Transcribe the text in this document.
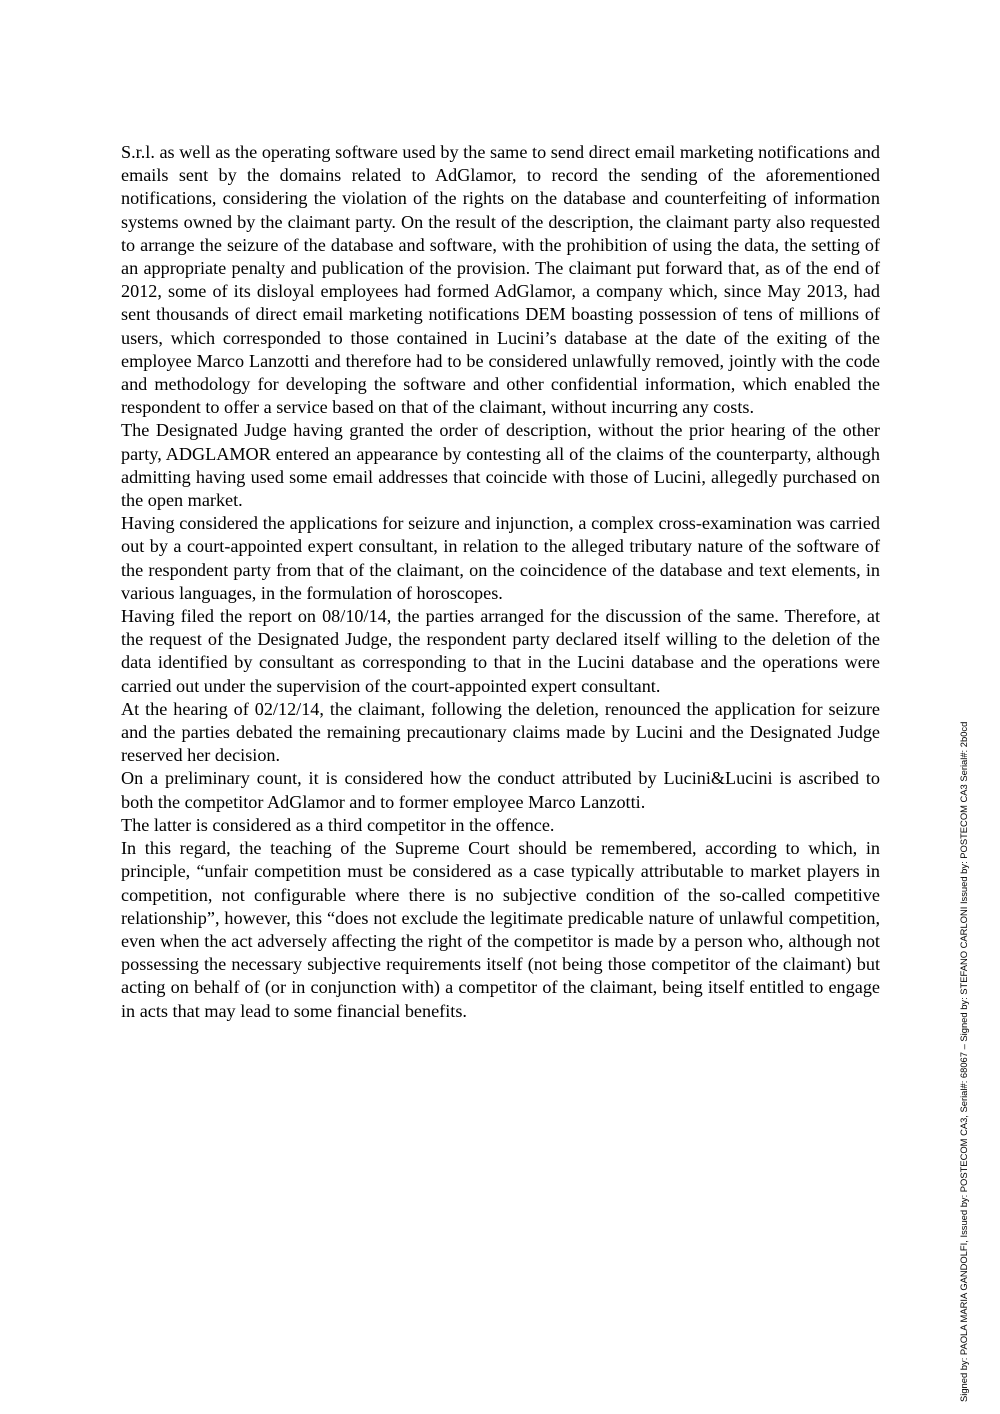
S.r.l. as well as the operating software used by the same to send direct email marketing notifications and emails sent by the domains related to AdGlamor, to record the sending of the aforementioned notifications, considering the violation of the rights on the database and counterfeiting of information systems owned by the claimant party. On the result of the description, the claimant party also requested to arrange the seizure of the database and software, with the prohibition of using the data, the setting of an appropriate penalty and publication of the provision. The claimant put forward that, as of the end of 2012, some of its disloyal employees had formed AdGlamor, a company which, since May 2013, had sent thousands of direct email marketing notifications DEM boasting possession of tens of millions of users, which corresponded to those contained in Lucini’s database at the date of the exiting of the employee Marco Lanzotti and therefore had to be considered unlawfully removed, jointly with the code and methodology for developing the software and other confidential information, which enabled the respondent to offer a service based on that of the claimant, without incurring any costs.

The Designated Judge having granted the order of description, without the prior hearing of the other party, ADGLAMOR entered an appearance by contesting all of the claims of the counterparty, although admitting having used some email addresses that coincide with those of Lucini, allegedly purchased on the open market.

Having considered the applications for seizure and injunction, a complex cross-examination was carried out by a court-appointed expert consultant, in relation to the alleged tributary nature of the software of the respondent party from that of the claimant, on the coincidence of the database and text elements, in various languages, in the formulation of horoscopes.

Having filed the report on 08/10/14, the parties arranged for the discussion of the same. Therefore, at the request of the Designated Judge, the respondent party declared itself willing to the deletion of the data identified by consultant as corresponding to that in the Lucini database and the operations were carried out under the supervision of the court-appointed expert consultant.

At the hearing of 02/12/14, the claimant, following the deletion, renounced the application for seizure and the parties debated the remaining precautionary claims made by Lucini and the Designated Judge reserved her decision.

On a preliminary count, it is considered how the conduct attributed by Lucini&Lucini is ascribed to both the competitor AdGlamor and to former employee Marco Lanzotti.

The latter is considered as a third competitor in the offence.

In this regard, the teaching of the Supreme Court should be remembered, according to which, in principle, “unfair competition must be considered as a case typically attributable to market players in competition, not configurable where there is no subjective condition of the so-called competitive relationship”, however, this “does not exclude the legitimate predicable nature of unlawful competition, even when the act adversely affecting the right of the competitor is made by a person who, although not possessing the necessary subjective requirements itself (not being those competitor of the claimant) but acting on behalf of (or in conjunction with) a competitor of the claimant, being itself entitled to engage in acts that may lead to some financial benefits.	Signed by: PAOLA MARIA GANDOLFI, Issued by: POSTECOM CA3, Serial#: 68067 – Signed by: STEFANO CARLONI Issued by: POSTECOM CA3 Serial#: 2b0cd
